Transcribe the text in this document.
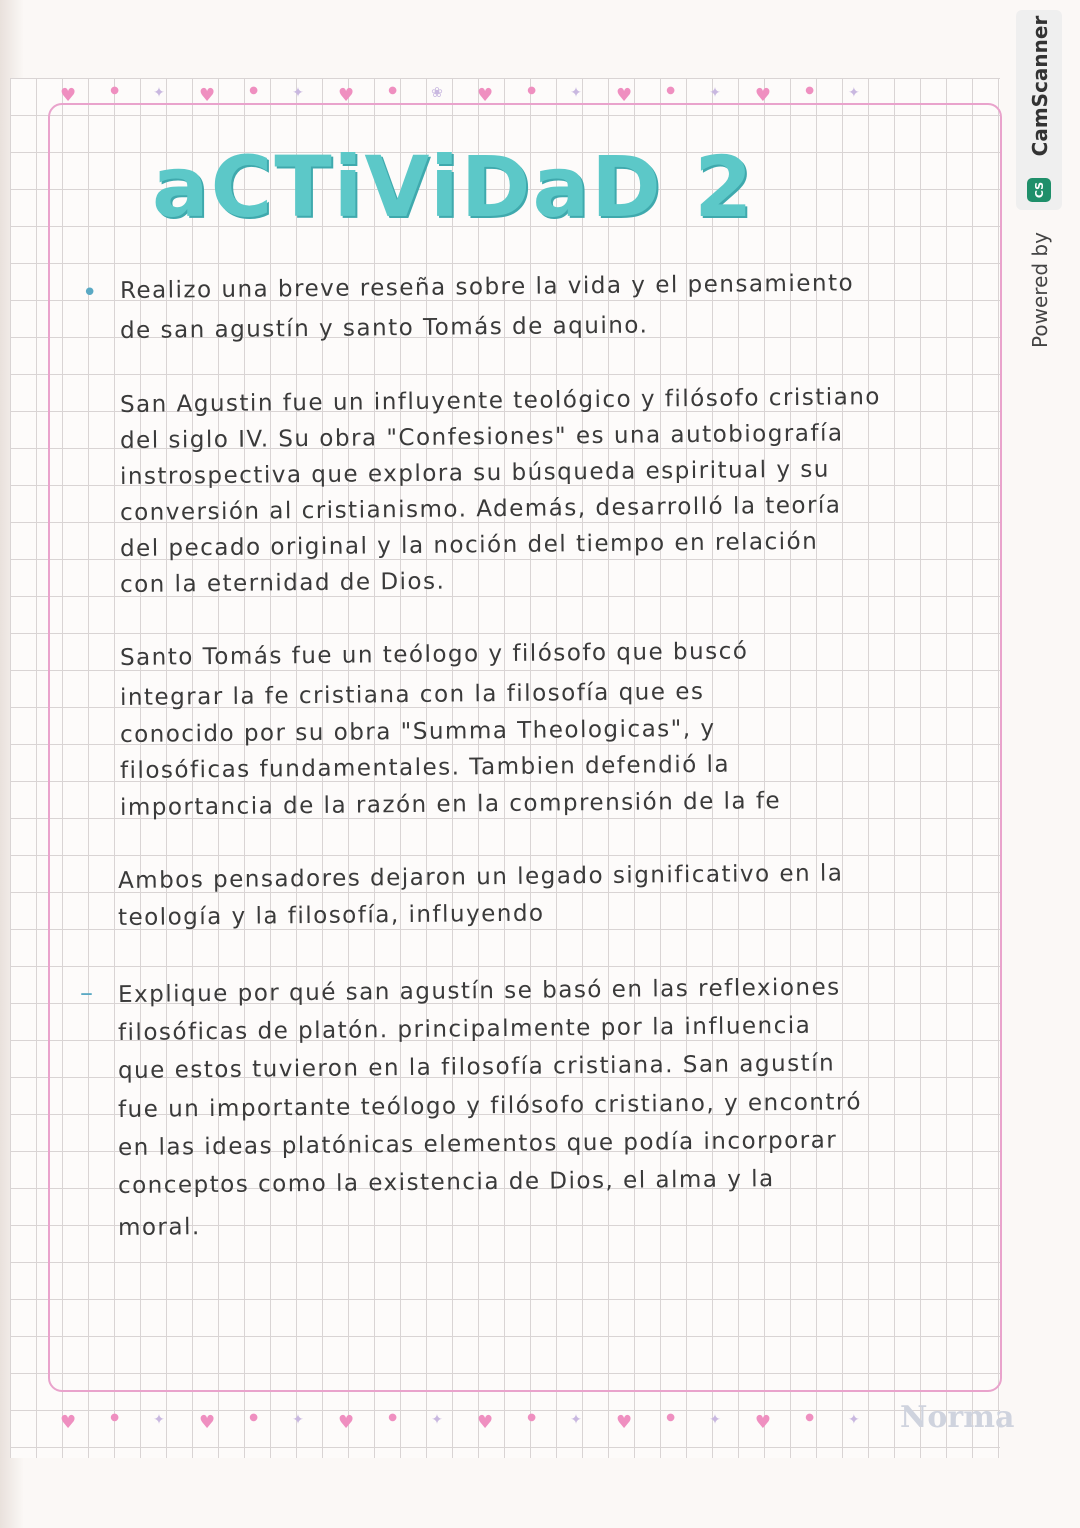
♥	● ✦ ♥	● ✦ ♥	● ❀ ♥	● ✦ ♥	● ✦ ♥	● ✦
♥	● ✦ ♥	● ✦ ♥	● ✦ ♥	● ✦ ♥	● ✦ ♥	● ✦
aCTiViDaD 2
• Realizo una breve reseña sobre la vida y el pensamiento
de san agustín y santo Tomás de aquino.
San Agustin fue un influyente teológico y filósofo cristiano
del siglo IV. Su obra "Confesiones" es una autobiografía
instrospectiva que explora su búsqueda espiritual y su
conversión al cristianismo. Además, desarrolló la teoría
del pecado original y la noción del tiempo en relación
con la eternidad de Dios.
Santo Tomás fue un teólogo y filósofo que buscó
integrar la fe cristiana con la filosofía que es
conocido por su obra "Summa Theologicas", y
filosóficas fundamentales. Tambien defendió la
importancia de la razón en la comprensión de la fe
Ambos pensadores dejaron un legado significativo en la
teología y la filosofía, influyendo
– Explique por qué san agustín se basó en las reflexiones
filosóficas de platón. principalmente por la influencia
que estos tuvieron en la filosofía cristiana. San agustín
fue un importante teólogo y filósofo cristiano, y encontró
en las ideas platónicas elementos que podía incorporar
conceptos como la existencia de Dios, el alma y la
moral.
Norma
CamScanner
CS
Powered by
